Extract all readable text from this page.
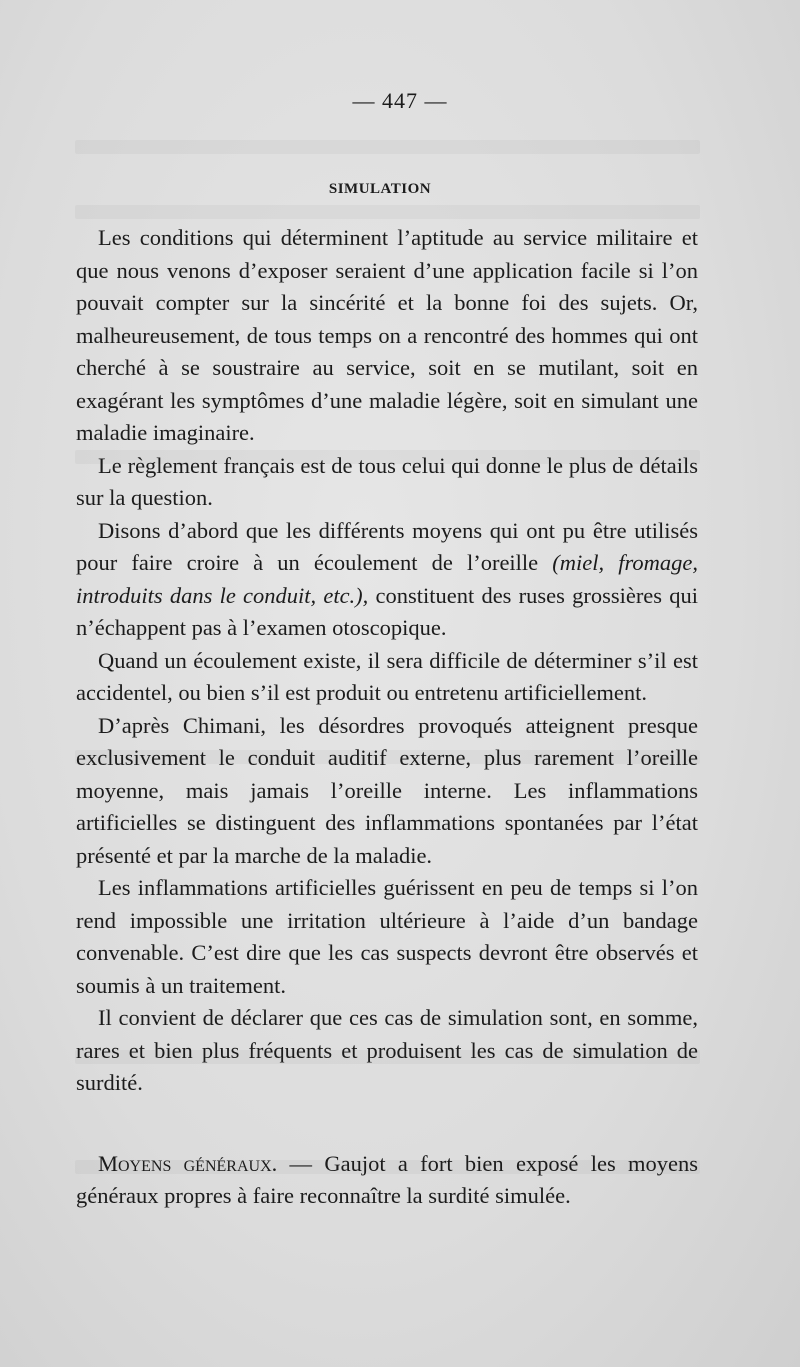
— 447 —
SIMULATION

Les conditions qui déterminent l’aptitude au service militaire et que nous venons d’exposer seraient d’une application facile si l’on pouvait compter sur la sincérité et la bonne foi des sujets. Or, malheureusement, de tous temps on a rencontré des hommes qui ont cherché à se soustraire au service, soit en se mutilant, soit en exagérant les symptômes d’une maladie légère, soit en simulant une maladie imaginaire.

Le règlement français est de tous celui qui donne le plus de détails sur la question.

Disons d’abord que les différents moyens qui ont pu être utilisés pour faire croire à un écoulement de l’oreille (miel, fromage, introduits dans le conduit, etc.), constituent des ruses grossières qui n’échappent pas à l’examen otoscopique.

Quand un écoulement existe, il sera difficile de déterminer s’il est accidentel, ou bien s’il est produit ou entretenu artificiellement.

D’après Chimani, les désordres provoqués atteignent presque exclusivement le conduit auditif externe, plus rarement l’oreille moyenne, mais jamais l’oreille interne. Les inflammations artificielles se distinguent des inflammations spontanées par l’état présenté et par la marche de la maladie.

Les inflammations artificielles guérissent en peu de temps si l’on rend impossible une irritation ultérieure à l’aide d’un bandage convenable. C’est dire que les cas suspects devront être observés et soumis à un traitement.

Il convient de déclarer que ces cas de simulation sont, en somme, rares et bien plus fréquents et produisent les cas de simulation de surdité.

Moyens généraux. — Gaujot a fort bien exposé les moyens généraux propres à faire reconnaître la surdité simulée.
